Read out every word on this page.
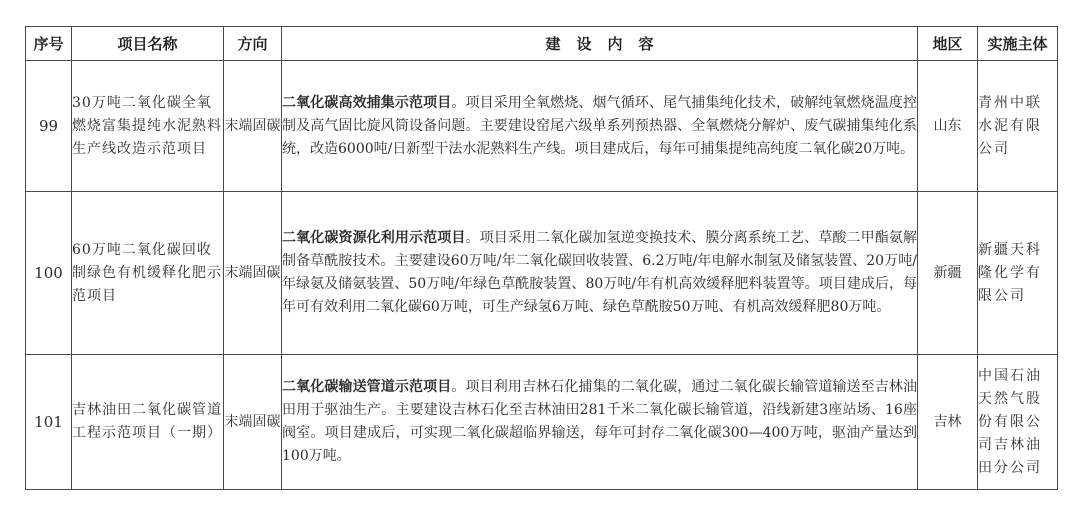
序号	项目名称	方向	建设内容	地区	实施主体
99	30万吨二氧化碳全氧燃烧富集提纯水泥熟料生产线改造示范项目	末端固碳	二氧化碳高效捕集示范项目。项目采用全氧燃烧、烟气循环、尾气捕集纯化技术，破解纯氧燃烧温度控制及高气固比旋风筒设备问题。主要建设窑尾六级单系列预热器、全氧燃烧分解炉、废气碳捕集纯化系统，改造6000吨/日新型干法水泥熟料生产线。项目建成后，每年可捕集提纯高纯度二氧化碳20万吨。	山东	青州中联水泥有限公司
100	60万吨二氧化碳回收制绿色有机缓释化肥示范项目	末端固碳	二氧化碳资源化利用示范项目。项目采用二氧化碳加氢逆变换技术、膜分离系统工艺、草酸二甲酯氨解制备草酰胺技术。主要建设60万吨/年二氧化碳回收装置、6.2万吨/年电解水制氢及储氢装置、20万吨/年绿氨及储氨装置、50万吨/年绿色草酰胺装置、80万吨/年有机高效缓释肥料装置等。项目建成后，每年可有效利用二氧化碳60万吨，可生产绿氢6万吨、绿色草酰胺50万吨、有机高效缓释肥80万吨。	新疆	新疆天科隆化学有限公司
101	吉林油田二氧化碳管道工程示范项目（一期）	末端固碳	二氧化碳输送管道示范项目。项目利用吉林石化捕集的二氧化碳，通过二氧化碳长输管道输送至吉林油田用于驱油生产。主要建设吉林石化至吉林油田281千米二氧化碳长输管道，沿线新建3座站场、16座阀室。项目建成后，可实现二氧化碳超临界输送，每年可封存二氧化碳300—400万吨，驱油产量达到100万吨。	吉林	中国石油天然气股份有限公司吉林油田分公司
